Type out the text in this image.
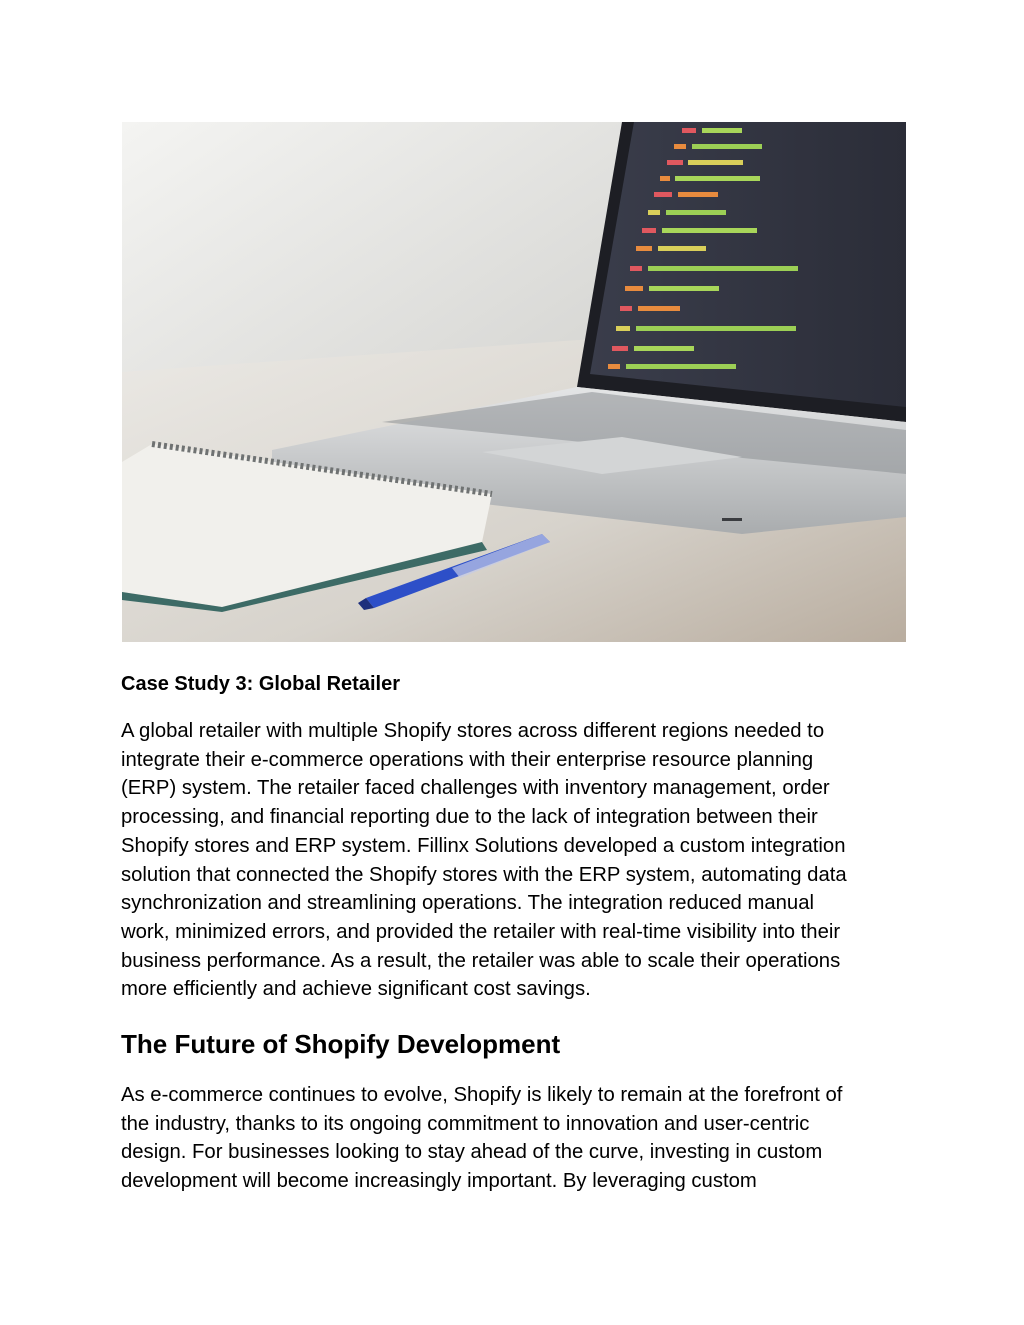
Case Study 3: Global Retailer

A global retailer with multiple Shopify stores across different regions needed to
integrate their e-commerce operations with their enterprise resource planning
(ERP) system. The retailer faced challenges with inventory management, order
processing, and financial reporting due to the lack of integration between their
Shopify stores and ERP system. Fillinx Solutions developed a custom integration
solution that connected the Shopify stores with the ERP system, automating data
synchronization and streamlining operations. The integration reduced manual
work, minimized errors, and provided the retailer with real-time visibility into their
business performance. As a result, the retailer was able to scale their operations
more efficiently and achieve significant cost savings.

The Future of Shopify Development

As e-commerce continues to evolve, Shopify is likely to remain at the forefront of
the industry, thanks to its ongoing commitment to innovation and user-centric
design. For businesses looking to stay ahead of the curve, investing in custom
development will become increasingly important. By leveraging custom
